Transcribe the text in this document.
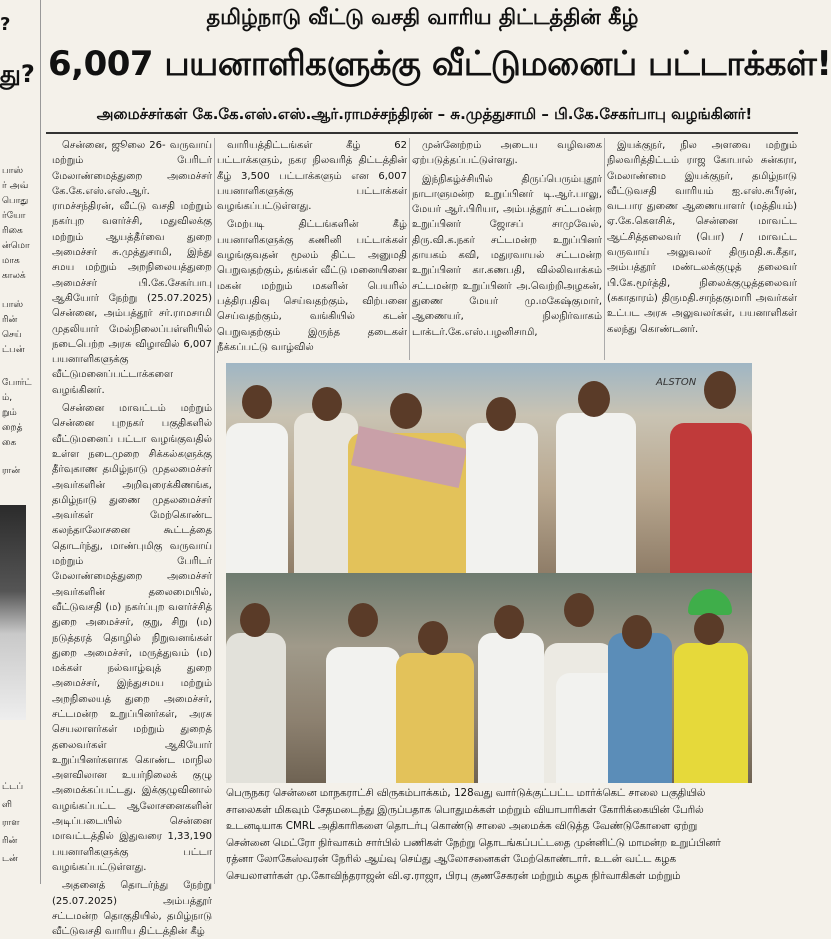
?
து?
பாஸ்
ர் அவ்
பொது
ர்யோ
ரிகை
ன்மொ
மாக
காலக்
பாஸ்
ரின்
செய்
ட்பன்
போர்ட்
ம்,
றும்
றைத்
கை
ரான்
ட்டப்
ளி
ராள
ரின்
டன்
தமிழ்நாடு வீட்டு வசதி வாரிய திட்டத்தின் கீழ்
6,007 பயனாளிகளுக்கு வீட்டுமனைப் பட்டாக்கள்!
அமைச்சர்கள் கே.கே.எஸ்.எஸ்.ஆர்.ராமச்சந்திரன் – சு.முத்துசாமி – பி.கே.சேகர்பாபு வழங்கினர்!

சென்னை, ஜூலை 26- வருவாய் மற்றும் பேரிடர் மேலாண்மைத்துறை அமைச்சர் கே.கே.எஸ்.எஸ்.ஆர். ராமச்சந்திரன், வீட்டு வசதி மற்றும் நகர்புற வளர்ச்சி, மதுவிலக்கு மற்றும் ஆயத்தீர்வை துறை அமைச்சர் சு.முத்துசாமி, இந்து சமய மற்றும் அறநிலையத்துறை அமைச்சர் பி.கே.சேகர்பாபு ஆகியோர் நேற்று (25.07.2025) சென்னை, அம்பத்தூர் சர்.ராமசாமி முதலியார் மேல்நிலைப்பள்ளியில் நடைபெற்ற அரசு விழாவில் 6,007 பயனாளிகளுக்கு வீட்டுமனைப்பட்டாக்களை வழங்கினர்.

சென்னை மாவட்டம் மற்றும் சென்னை புறநகர் பகுதிகளில் வீட்டுமனைப் பட்டா வழங்குவதில் உள்ள நடைமுறை சிக்கல்களுக்கு தீர்வுகாண தமிழ்நாடு முதலமைச்சர் அவர்களின் அறிவுரைக்கிணங்க, தமிழ்நாடு துணை முதலமைச்சர் அவர்கள் மேற்கொண்ட கலந்தாலோசனை கூட்டத்தை தொடர்ந்து, மாண்புமிகு வருவாய் மற்றும் பேரிடர் மேலாண்மைத்துறை அமைச்சர் அவர்களின் தலைமையில், வீட்டுவசதி (ம) நகர்ப்புற வளர்ச்சித் துறை அமைச்சர், குறு, சிறு (ம) நடுத்தரத் தொழில் நிறுவனங்கள் துறை அமைச்சர், மருத்துவம் (ம) மக்கள் நல்வாழ்வுத் துறை அமைச்சர், இந்துசமய மற்றும் அறநிலையத் துறை அமைச்சர், சட்டமன்ற உறுப்பினர்கள், அரசு செயலாளர்கள் மற்றும் துறைத் தலைவர்கள் ஆகியோர் உறுப்பினர்களாக கொண்ட மாநில அளவிலான உயர்நிலைக் குழு அமைக்கப்பட்டது. இக்குழுவினால் வழங்கப்பட்ட ஆலோசனைகளின் அடிப்படையில் சென்னை மாவட்டத்தில் இதுவரை 1,33,190 பயனாளிகளுக்கு பட்டா வழங்கப்பட்டுள்ளது.

அதனைத் தொடர்ந்து நேற்று (25.07.2025) அம்பத்தூர் சட்டமன்ற தொகுதியில், தமிழ்நாடு வீட்டுவசதி வாரிய திட்டத்தின் கீழ்

வாரியத்திட்டங்கள் கீழ் 62 பட்டாக்களும், நகர நிலவரித் திட்டத்தின் கீழ் 3,500 பட்டாக்களும் என 6,007 பயனாளிகளுக்கு பட்டாக்கள் வழங்கப்பட்டுள்ளது.

மேற்படி திட்டங்களின் கீழ் பயனாளிகளுக்கு கணினி பட்டாக்கள் வழங்குவதன் மூலம் திட்ட அனுமதி பெறுவதற்கும், தங்கள் வீட்டு மனையினை மகன் மற்றும் மகளின் பெயரில் பத்திரபதிவு செய்வதற்கும், விற்பனை செய்வதற்கும், வங்கியில் கடன் பெறுவதற்கும் இருந்த தடைகள் நீக்கப்பட்டு வாழ்வில்

முன்னேற்றம் அடைய வழிவகை ஏற்படுத்தப்பட்டுள்ளது.

இந்நிகழ்ச்சியில் திருப்பெரும்புதூர் நாடாளுமன்ற உறுப்பினர் டி.ஆர்.பாலு, மேயர் ஆர்.பிரியா, அம்பத்தூர் சட்டமன்ற உறுப்பினர் ஜோசப் சாமுவேல், திரு.வி.க.நகர் சட்டமன்ற உறுப்பினர் தாயகம் கவி, மதுரவாயல் சட்டமன்ற உறுப்பினர் கா.கணபதி, வில்லிவாக்கம் சட்டமன்ற உறுப்பினர் அ.வெற்றிஅழகன், துணை மேயர் மு.மகேஷ்குமார், ஆணையர், நிலநிர்வாகம் டாக்டர்.கே.எஸ்.பழனிசாமி,

இயக்குநர், நில அளவை மற்றும் நிலவரித்திட்டம் ராஜ கோபால் சுன்கரா, மேலாண்மை இயக்குநர், தமிழ்நாடு வீட்டுவசதி வாரியம் ஐ.எஸ்.சுபீரன், வடபார துணை ஆணையாளர் (மத்தியம்) ஏ.கே.கௌசிக், சென்னை மாவட்ட ஆட்சித்தலைவர் (பொ) / மாவட்ட வருவாய் அலுவலர் திருமதி.சு.கீதா, அம்பத்தூர் மண்டலக்குழுத் தலைவர் பி.கே.மூர்த்தி, நிலைக்குழுத்தலைவர் (சுகாதாரம்) திருமதி.சாந்தகுமாரி அவர்கள் உட்பட அரசு அலுவலர்கள், பயனாளிகள் கலந்து கொண்டனர்.

ALSTON
பெருநகர சென்னை மாநகராட்சி விருகம்பாக்கம், 128வது வார்டுக்குட்பட்ட மார்க்கெட் சாலை பகுதியில்
சாலைகள் மிகவும் சேதமடைந்து இருப்பதாக பொதுமக்கள் மற்றும் வியாபாரிகள் கோரிக்கையின் பேரில்
உடனடியாக CMRL அதிகாரிகளை தொடர்பு கொண்டு சாலை அமைக்க விடுத்த வேண்டுகோளை ஏற்று
சென்னை மெட்ரோ நிர்வாகம் சார்பில் பணிகள் நேற்று தொடங்கப்பட்டதை முன்னிட்டு மாமன்ற உறுப்பினர்
ரத்னா லோகேஸ்வரன் நேரில் ஆய்வு செய்து ஆலோசனைகள் மேற்கொண்டார். உடன் வட்ட கழக
செயலாளர்கள் மு.கோவிந்தராஜன் வி.ஏ.ராஜா, பிரபு குணசேகரன் மற்றும் கழக நிர்வாகிகள் மற்றும்
